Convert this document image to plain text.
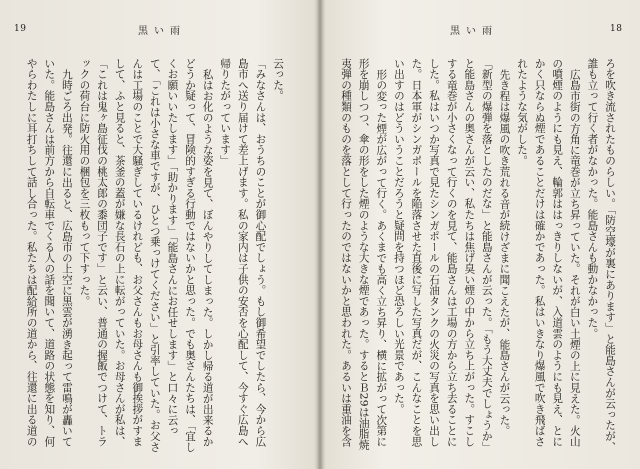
19	黒い雨

云った。

「みなさんは、おうちのことが御心配でしょう。もし御希望でしたら、今から広島市へ送り届けて差上げます。私の家内は子供の安否を心配して、今すぐ広島へ帰りたがっています」

私はお化のような姿を見て、ぼんやりしてしまった。しかし帰る道が出来るかどうか疑って、冒険的すぎる行動ではないかと思った。でも奥さんたちは、「宜しくお願いいたします」「助かります」「能島さんにお任せします」と口々に云って、「これは小さな車ですが、ひとつ乗っけてください」と引率していた。お父さんは工場のことで大騒ぎしているけれども、お父さんもお母さんも御挨拶がすまして、ふと見ると、茶釜の蓋が嫌な長石の上に転がっていた。お母さんが私は、「これは鬼ヶ島征伐の桃太郎の黍団子です」と云い、普通の握飯でつけて、トラックの荷台に防火用の梱包を三枚もって下すった。

九時ごろ出発。往還に出ると、広島市の上空に黒雲が湧き起って雷鳴が轟いていた。能島さんは前方から自転車でくる人の話を聞いて、道路の状態を知り、何やらわたしに耳打ちして話し合った。私たちは配給所の道から、往還に出る道の

18
黒い雨

ろを吹き流されたものらしい。「防空壕が裏にあります」と能島さんが云ったが、誰も立って行く者がなかった。能島さんも動かなかった。

広島市街の方角に竜巻が立ち昇っていた。それが白い土煙の上に見えた。火山の噴煙のようにも見え、輪郭ははっきりしないが、入道雲のようにも見え、とにかく只ならぬ煙であることだけは確かであった。私はいきなり爆風で吹き飛ばされたような気がした。

先き程は爆風の吹き荒れる音が続けざまに聞こえたが、能島さんが云った。

「新型の爆弾を落としたのだな」と能島さんが云った。「もう大丈夫でしょうか」と能島さんの奥さんが云い、私たちは焦げ臭い煙の中から立ち上がった。すこしする竜巻が小さくなって行くのを見て、能島さんは工場の方から立ち去ることにした。私はいつか写真で見たシンガポールの石油タンクの火災の写真を思い出した。日本軍がシンガポールを陥落させた直後に写した写真だが、こんなことを思い出すのはどういうことだろうと疑問を持つほど恐ろしい光景であった。

形の変った煙が広がって行く。あくまでも高く立ち昇り、横に拡がって次第に形を崩しつつ、傘の形をした煙のような大きな煙であった。するとＢ29は油脂焼夷弾の種類のものを落として行ったのではないかと思われた。あるいは重油を含
